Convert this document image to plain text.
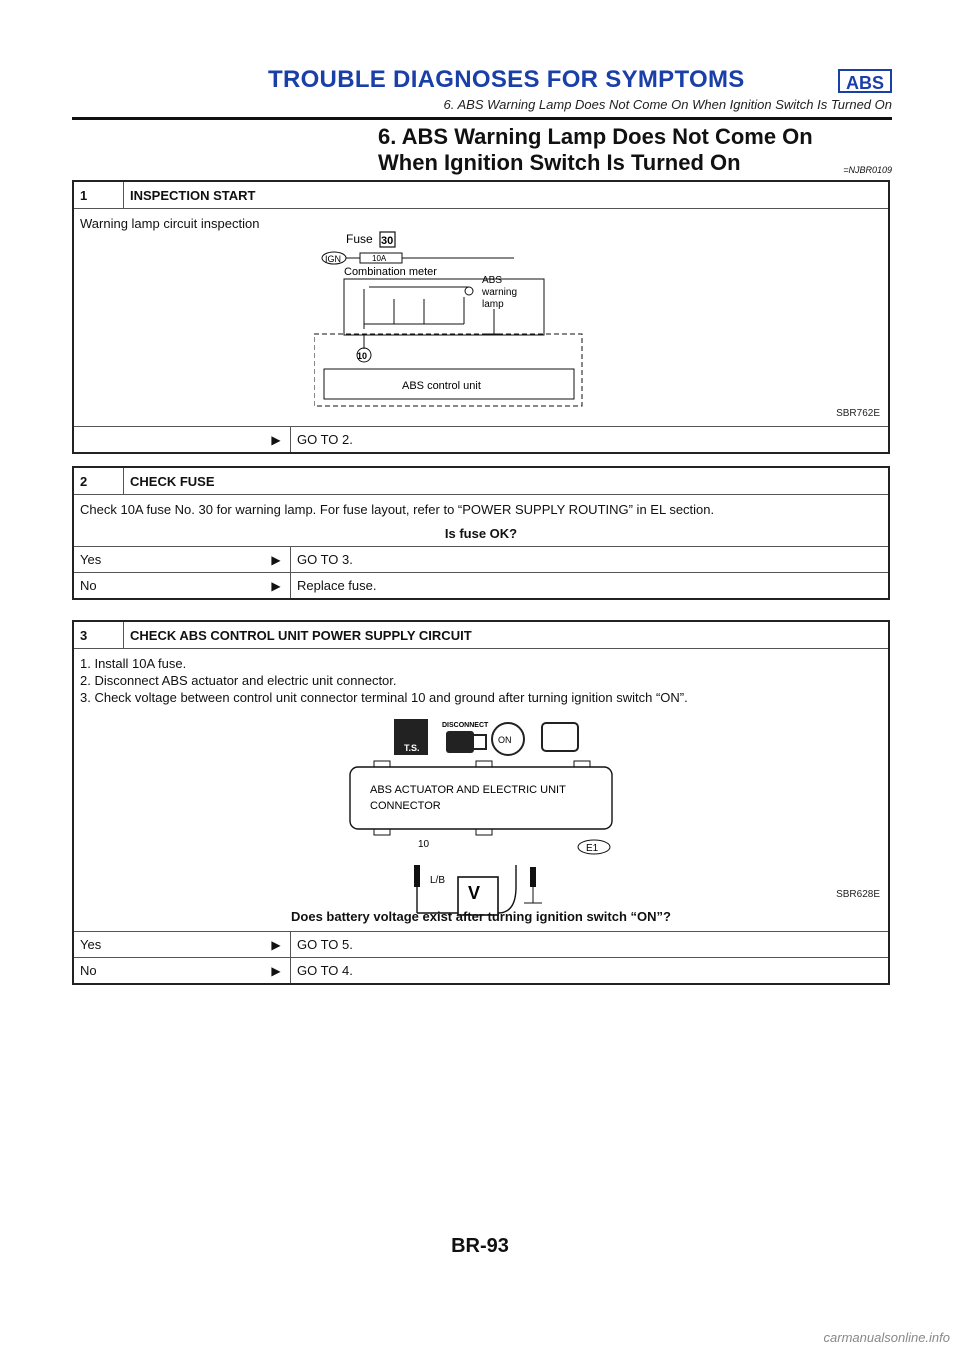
TROUBLE DIAGNOSES FOR SYMPTOMS	ABS
6. ABS Warning Lamp Does Not Come On When Ignition Switch Is Turned On
6. ABS Warning Lamp Does Not Come On
When Ignition Switch Is Turned On	=NJBR0109
1	INSPECTION START
Warning lamp circuit inspection
Fuse 30
IGN	10A
Combination meter
ABS
warning
lamp
10
ABS control unit
SBR762E
▶	GO TO 2.
2	CHECK FUSE
Check 10A fuse No. 30 for warning lamp. For fuse layout, refer to “POWER SUPPLY ROUTING” in EL section.
Is fuse OK?
Yes	▶	GO TO 3.
No	▶	Replace fuse.
3	CHECK ABS CONTROL UNIT POWER SUPPLY CIRCUIT
1. Install 10A fuse.
2. Disconnect ABS actuator and electric unit connector.
3. Check voltage between control unit connector terminal 10 and ground after turning ignition switch “ON”.
T.S.
DISCONNECT
ON
ABS ACTUATOR AND ELECTRIC UNIT
CONNECTOR
10	E1
L/B
V	SBR628E
Does battery voltage exist after turning ignition switch “ON”?
Yes	▶	GO TO 5.
No	▶	GO TO 4.
BR-93
carmanualsonline.info
